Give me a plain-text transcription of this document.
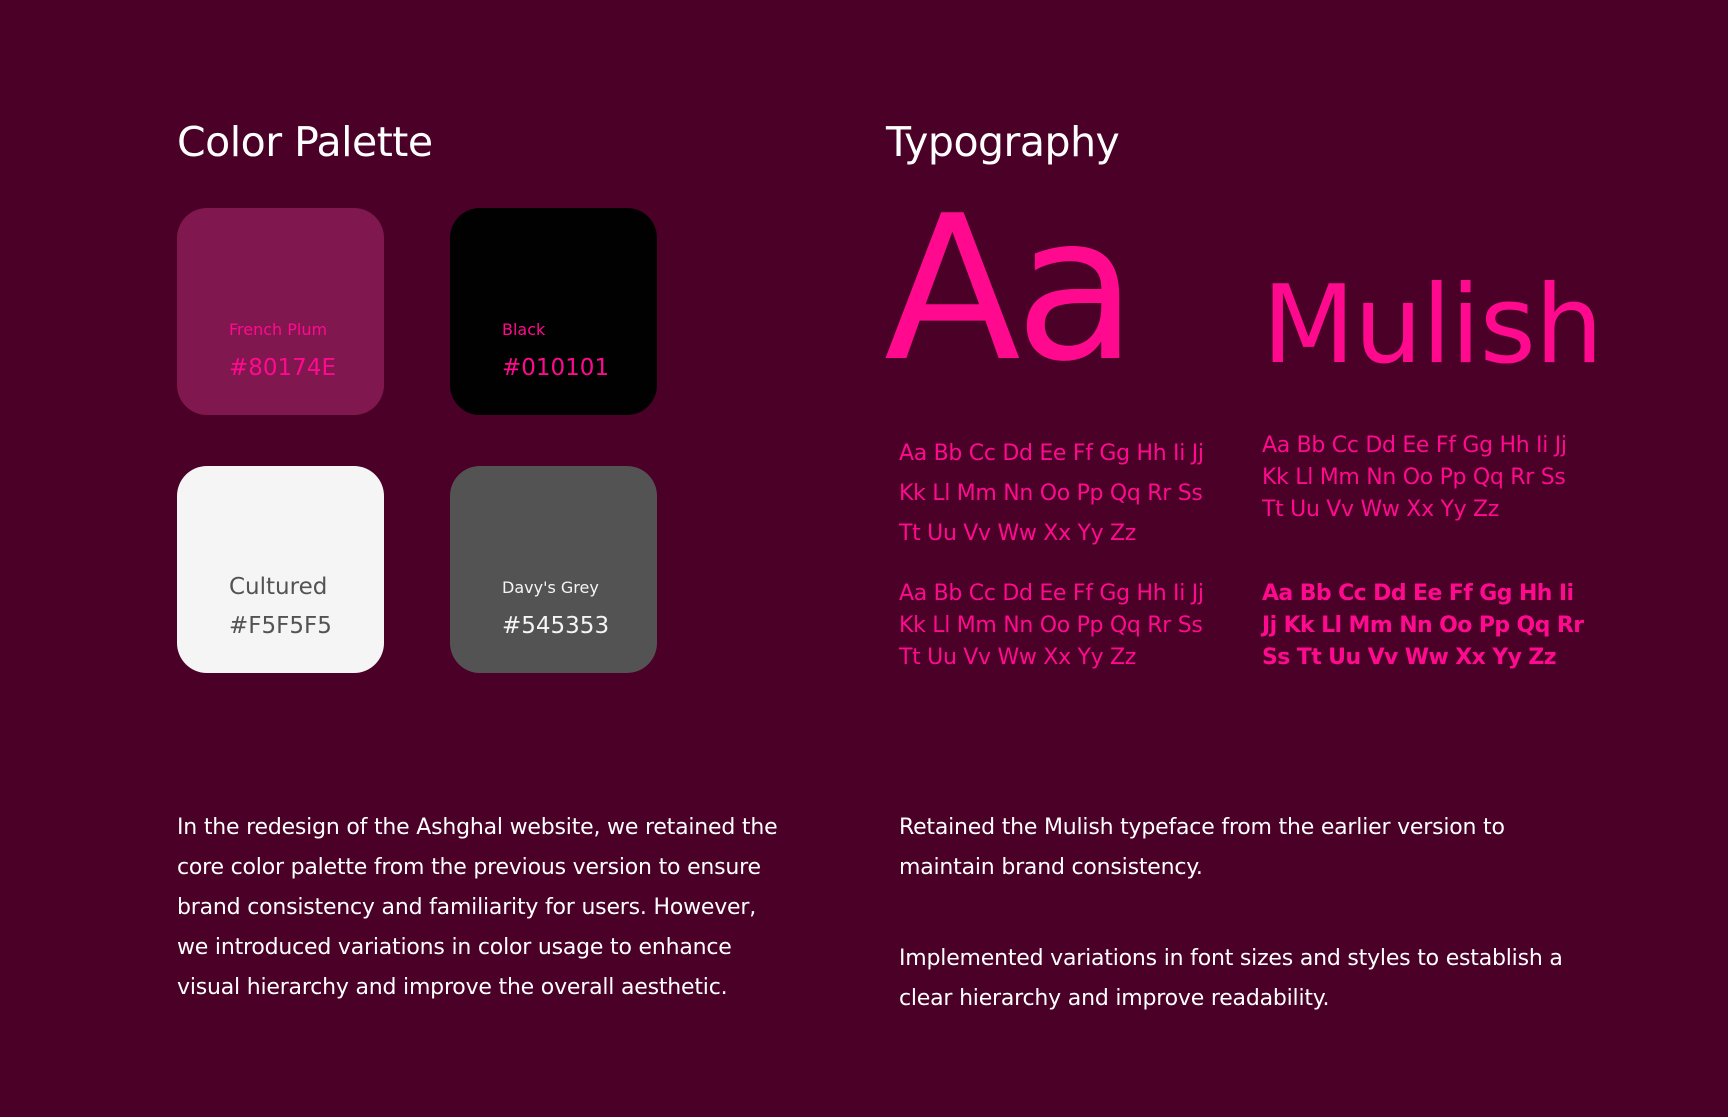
Color Palette	Typography
French Plum
#80174E
Black
#010101
Cultured
#F5F5F5
Davy's Grey
#545353
Aa Mulish
Aa Bb Cc Dd Ee Ff Gg Hh Ii Jj
Kk Ll Mm Nn Oo Pp Qq Rr Ss
Tt Uu Vv Ww Xx Yy Zz
Aa Bb Cc Dd Ee Ff Gg Hh Ii Jj
Kk Ll Mm Nn Oo Pp Qq Rr Ss
Tt Uu Vv Ww Xx Yy Zz
Aa Bb Cc Dd Ee Ff Gg Hh Ii Jj
Kk Ll Mm Nn Oo Pp Qq Rr Ss
Tt Uu Vv Ww Xx Yy Zz
Aa Bb Cc Dd Ee Ff Gg Hh Ii
Jj Kk Ll Mm Nn Oo Pp Qq Rr
Ss Tt Uu Vv Ww Xx Yy Zz
In the redesign of the Ashghal website, we retained the
core color palette from the previous version to ensure
brand consistency and familiarity for users. However,
we introduced variations in color usage to enhance
visual hierarchy and improve the overall aesthetic.
Retained the Mulish typeface from the earlier version to
maintain brand consistency.
Implemented variations in font sizes and styles to establish a
clear hierarchy and improve readability.
